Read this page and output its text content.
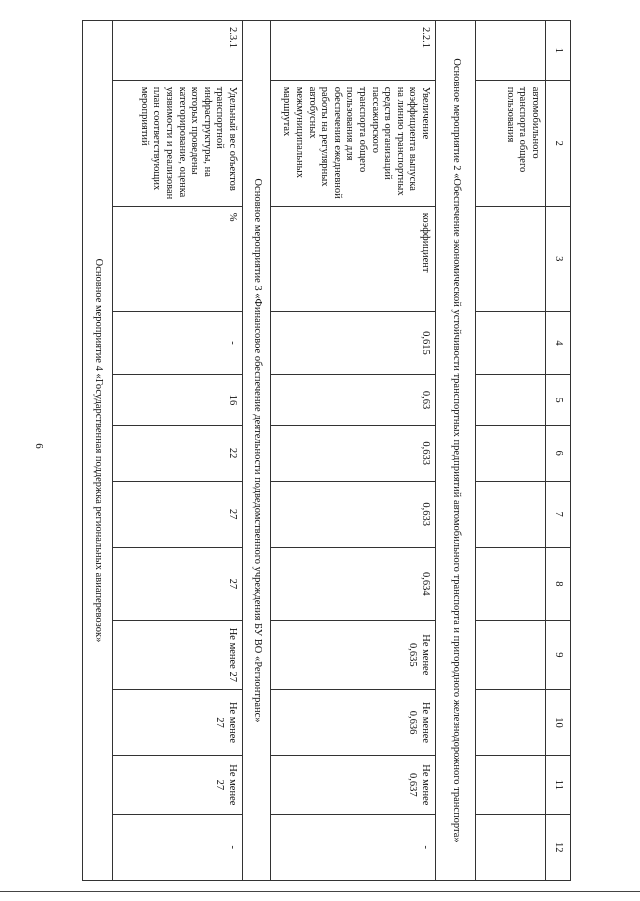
6
1	2	3	4	5	6	7	8	9	10	11	12
	автомобильного транспорта общего пользования										
Основное мероприятие 2 «Обеспечение экономической устойчивости транспортных предприятий автомобильного транспорта и пригородного железнодорожного транспорта»											
2.2.1	Увеличение коэффициента выпуска на линию транспортных средств организаций пассажирского транспорта общего пользования для обеспечения ежедневной работы на регулярных автобусных межмуниципальных маршрутах	коэффициент	0,615	0,63	0,633	0,633	0,634	Не менее 0,635	Не менее 0,636	Не менее 0,637	-
Основное мероприятие 3 «Финансовое обеспечение деятельности подведомственного учреждения БУ ВО «Регионтранс»											
2.3.1	Удельный вес объектов транспортной инфраструктуры, на которых проведены категорирование, оценка уязвимости и реализован план соответствующих мероприятий	%	-	16	22	27	27	Не менее 27	Не менее 27	Не менее 27	-
Основное мероприятие 4 «Государственная поддержка региональных авиаперевозок»											
